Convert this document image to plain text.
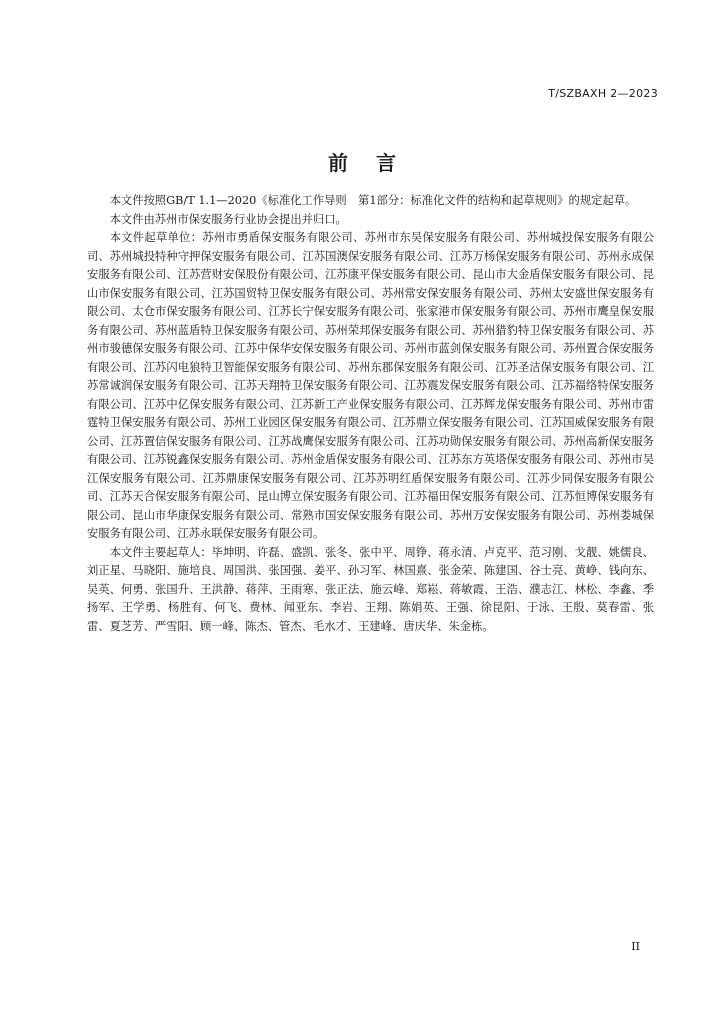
T/SZBAXH 2—2023
前言

本文件按照GB/T 1.1—2020《标准化工作导则　第1部分：标准化文件的结构和起草规则》的规定起草。

本文件由苏州市保安服务行业协会提出并归口。

本文件起草单位：苏州市勇盾保安服务有限公司、苏州市东吴保安服务有限公司、苏州城投保安服务有限公司、苏州城投特种守押保安服务有限公司、江苏国澳保安服务有限公司、江苏万杨保安服务有限公司、苏州永成保安服务有限公司、江苏营财安保股份有限公司、江苏康平保安服务有限公司、昆山市大金盾保安服务有限公司、昆山市保安服务有限公司、江苏国贸特卫保安服务有限公司、苏州常安保安服务有限公司、苏州太安盛世保安服务有限公司、太仓市保安服务有限公司、江苏长宁保安服务有限公司、张家港市保安服务有限公司、苏州市鹰皇保安服务有限公司、苏州蓝盾特卫保安服务有限公司、苏州荣邦保安服务有限公司、苏州猎豹特卫保安服务有限公司、苏州市骏德保安服务有限公司、江苏中保华安保安服务有限公司、苏州市蓝剑保安服务有限公司、苏州置合保安服务有限公司、江苏闪电狼特卫智能保安服务有限公司、苏州东郡保安服务有限公司、江苏圣洁保安服务有限公司、江苏常诚润保安服务有限公司、江苏天翔特卫保安服务有限公司、江苏震发保安服务有限公司、江苏福络特保安服务有限公司、江苏中亿保安服务有限公司、江苏新工产业保安服务有限公司、江苏辉龙保安服务有限公司、苏州市雷霆特卫保安服务有限公司、苏州工业园区保安服务有限公司、江苏鼎立保安服务有限公司、江苏国威保安服务有限公司、江苏置信保安服务有限公司、江苏战鹰保安服务有限公司、江苏功勋保安服务有限公司、苏州高新保安服务有限公司、江苏锐鑫保安服务有限公司、苏州金盾保安服务有限公司、江苏东方英塔保安服务有限公司、苏州市吴江保安服务有限公司、江苏鼎康保安服务有限公司、江苏苏明红盾保安服务有限公司、江苏少同保安服务有限公司、江苏天合保安服务有限公司、昆山博立保安服务有限公司、江苏福田保安服务有限公司、江苏恒博保安服务有限公司、昆山市华康保安服务有限公司、常熟市国安保安服务有限公司、苏州万安保安服务有限公司、苏州娄城保安服务有限公司、江苏永联保安服务有限公司。

本文件主要起草人：毕坤明、许磊、盛凯、张冬、张中平、周铮、蒋永清、卢克平、范习刚、戈靓、姚儒良、刘正星、马晓阳、施培良、周国洪、张国强、姜平、孙习军、林国熹、张金荣、陈建国、谷士亮、黄峥、钱向东、吴英、何勇、张国升、王洪静、蒋萍、王雨寒、张正法、施云峰、郑崧、蒋敏霞、王浩、濮志江、林松、李鑫、季扬军、王学勇、杨胜有、何飞、费林、闻亚东、李岩、王翔、陈娟英、王强、徐昆阳、于泳、王殷、莫春雷、张雷、夏芝芳、严雪阳、顾一峰、陈杰、管杰、毛水才、王建峰、唐庆华、朱金栋。

II
